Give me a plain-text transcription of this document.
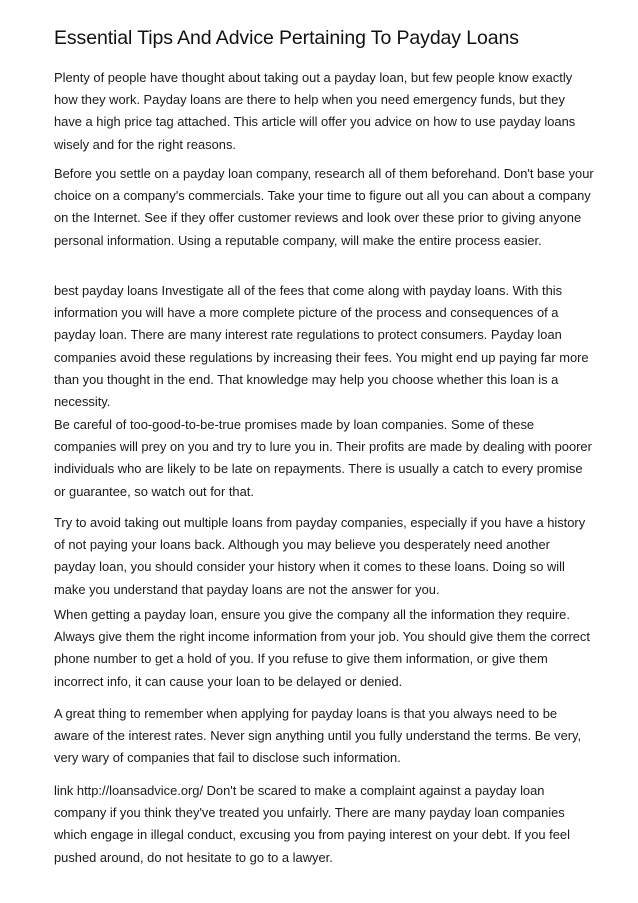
Essential Tips And Advice Pertaining To Payday Loans

Plenty of people have thought about taking out a payday loan, but few people know exactly how they work. Payday loans are there to help when you need emergency funds, but they have a high price tag attached. This article will offer you advice on how to use payday loans wisely and for the right reasons.

Before you settle on a payday loan company, research all of them beforehand. Don't base your choice on a company's commercials. Take your time to figure out all you can about a company on the Internet. See if they offer customer reviews and look over these prior to giving anyone personal information. Using a reputable company, will make the entire process easier.

best payday loans Investigate all of the fees that come along with payday loans. With this information you will have a more complete picture of the process and consequences of a payday loan. There are many interest rate regulations to protect consumers. Payday loan companies avoid these regulations by increasing their fees. You might end up paying far more than you thought in the end. That knowledge may help you choose whether this loan is a necessity.

Be careful of too-good-to-be-true promises made by loan companies. Some of these companies will prey on you and try to lure you in. Their profits are made by dealing with poorer individuals who are likely to be late on repayments. There is usually a catch to every promise or guarantee, so watch out for that.

Try to avoid taking out multiple loans from payday companies, especially if you have a history of not paying your loans back. Although you may believe you desperately need another payday loan, you should consider your history when it comes to these loans. Doing so will make you understand that payday loans are not the answer for you.

When getting a payday loan, ensure you give the company all the information they require. Always give them the right income information from your job. You should give them the correct phone number to get a hold of you. If you refuse to give them information, or give them incorrect info, it can cause your loan to be delayed or denied.

A great thing to remember when applying for payday loans is that you always need to be aware of the interest rates. Never sign anything until you fully understand the terms. Be very, very wary of companies that fail to disclose such information.

link http://loansadvice.org/ Don't be scared to make a complaint against a payday loan company if you think they've treated you unfairly. There are many payday loan companies which engage in illegal conduct, excusing you from paying interest on your debt. If you feel pushed around, do not hesitate to go to a lawyer.
